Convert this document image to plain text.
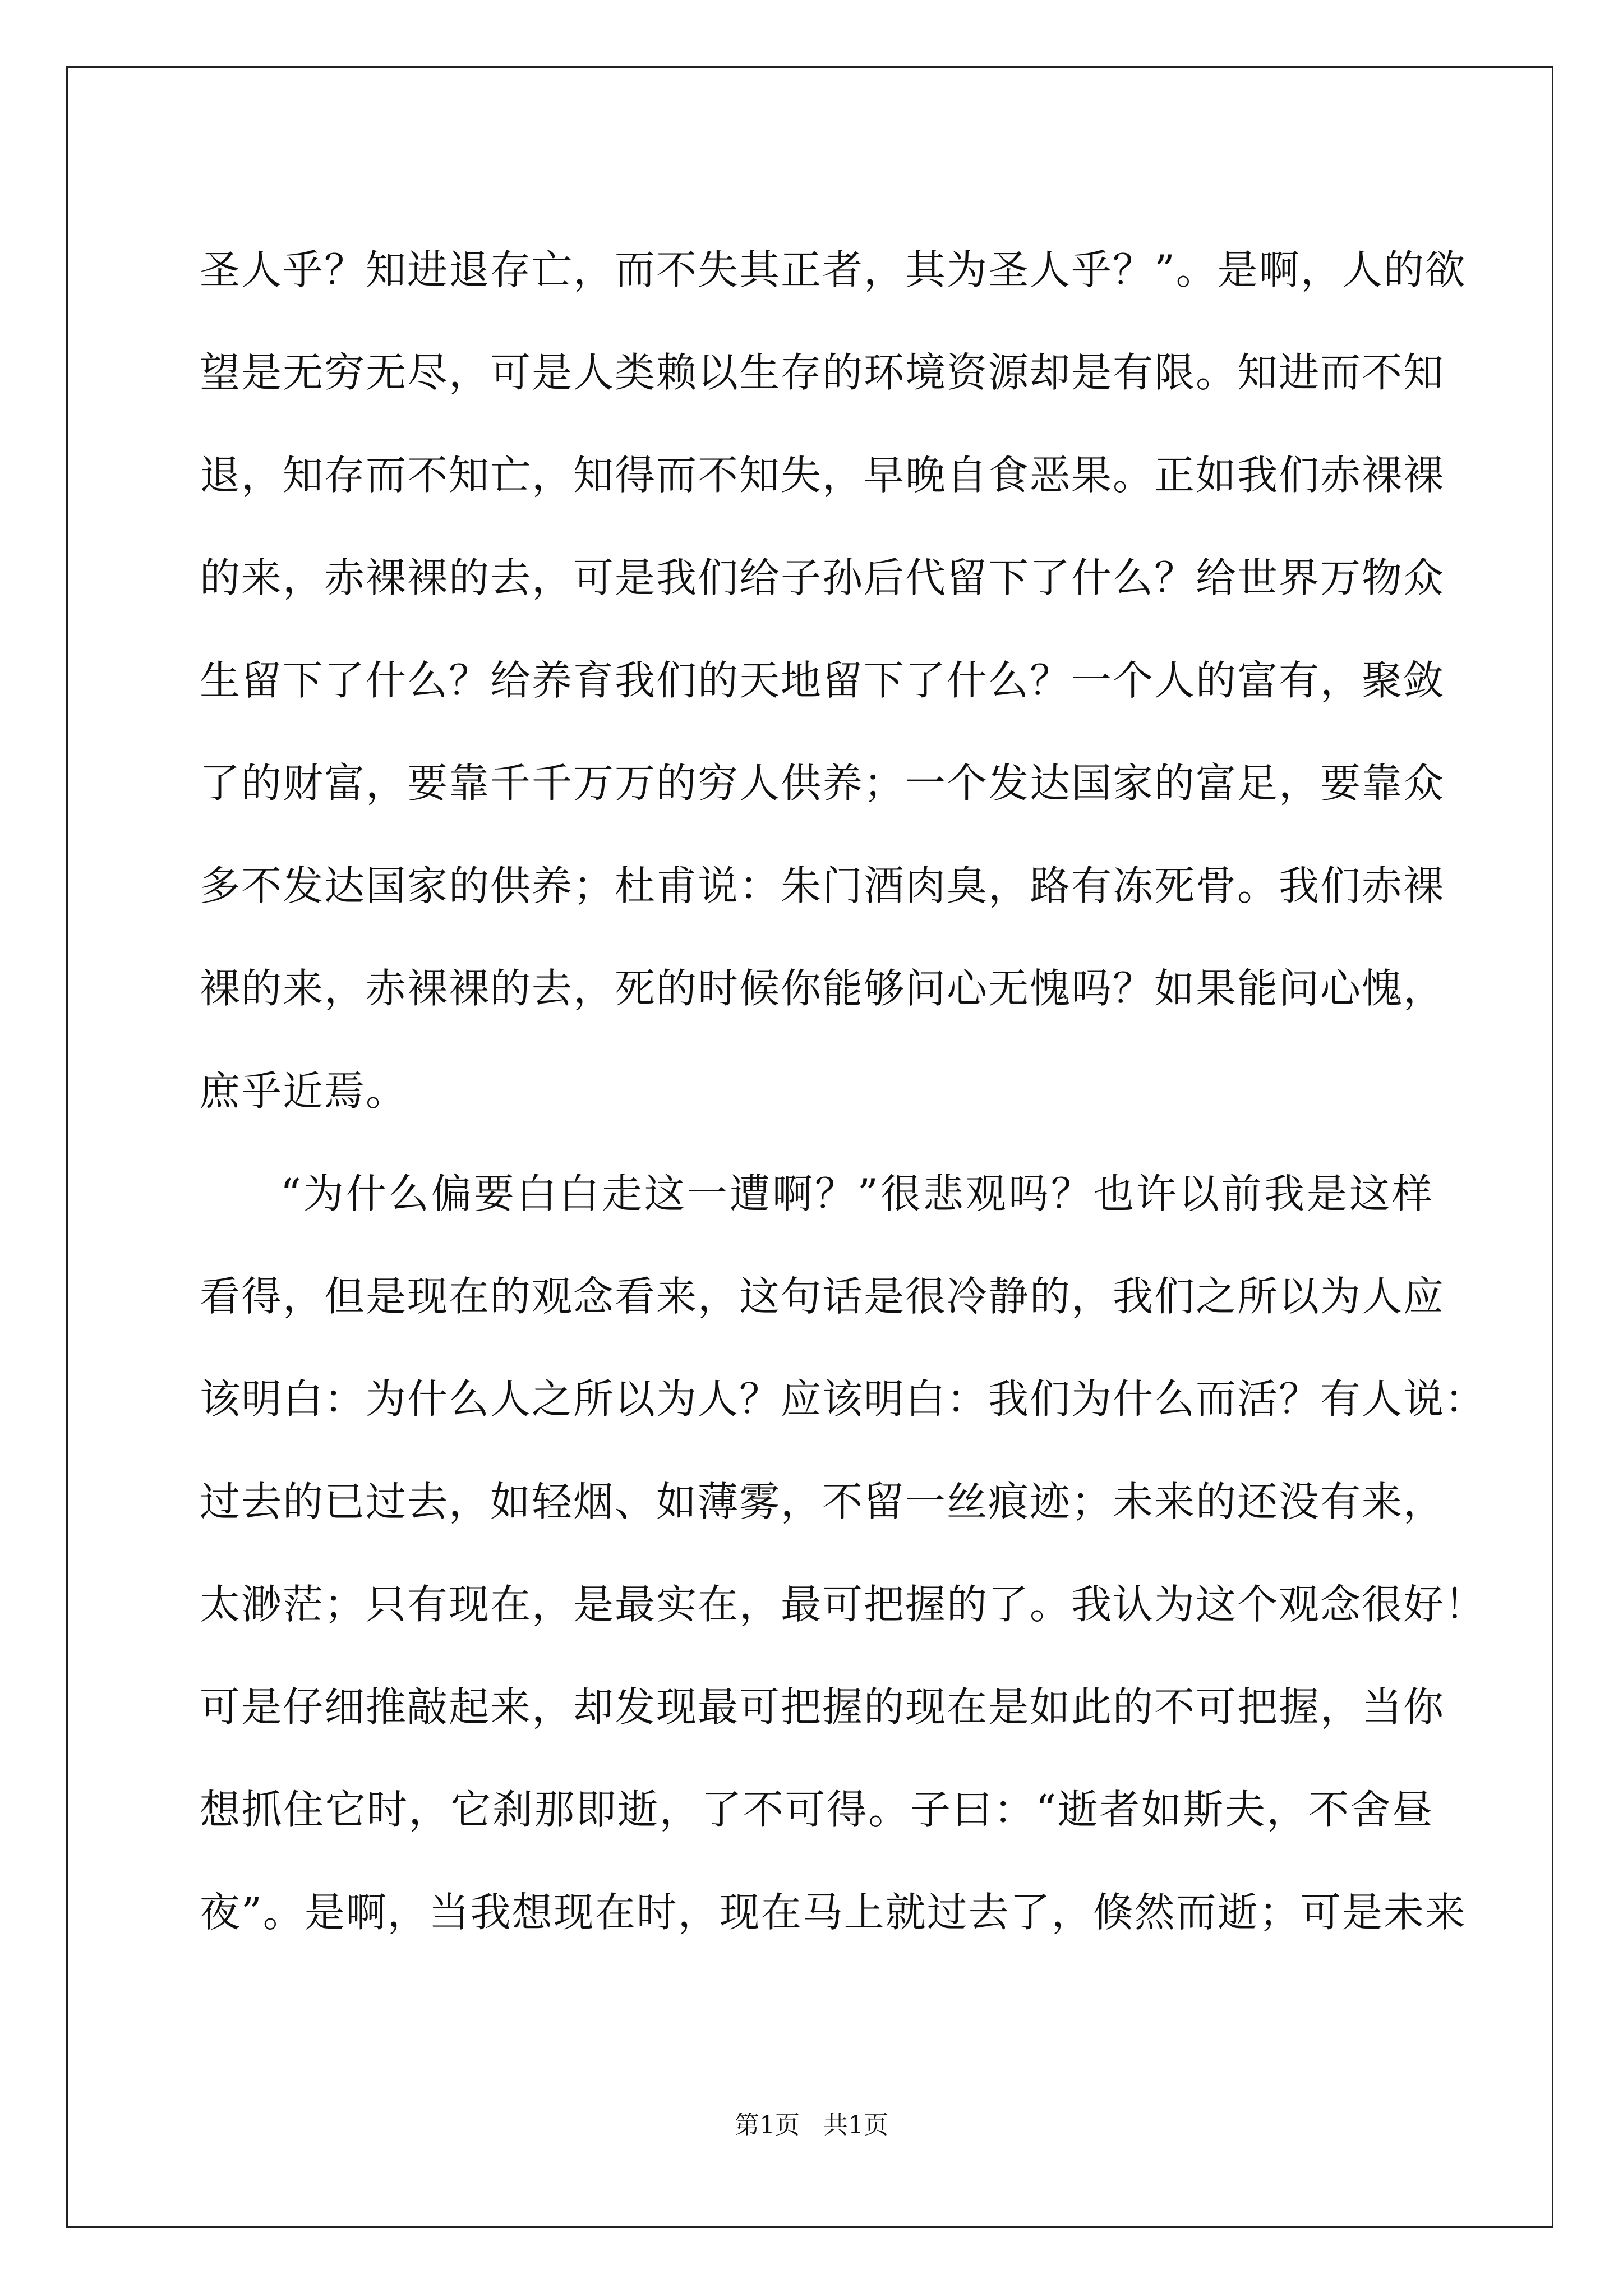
圣人乎？知进退存亡，而不失其正者，其为圣人乎？”。是啊，人的欲
望是无穷无尽，可是人类赖以生存的环境资源却是有限。知进而不知
退，知存而不知亡，知得而不知失，早晚自食恶果。正如我们赤裸裸
的来，赤裸裸的去，可是我们给子孙后代留下了什么？给世界万物众
生留下了什么？给养育我们的天地留下了什么？一个人的富有，聚敛
了的财富，要靠千千万万的穷人供养；一个发达国家的富足，要靠众
多不发达国家的供养；杜甫说：朱门酒肉臭，路有冻死骨。我们赤裸
裸的来，赤裸裸的去，死的时候你能够问心无愧吗？如果能问心愧，
庶乎近焉。
“为什么偏要白白走这一遭啊？”很悲观吗？也许以前我是这样
看得，但是现在的观念看来，这句话是很冷静的，我们之所以为人应
该明白：为什么人之所以为人？应该明白：我们为什么而活？有人说：
过去的已过去，如轻烟、如薄雾，不留一丝痕迹；未来的还没有来，
太渺茫；只有现在，是最实在，最可把握的了。我认为这个观念很好！
可是仔细推敲起来，却发现最可把握的现在是如此的不可把握，当你
想抓住它时，它刹那即逝，了不可得。子曰：“逝者如斯夫，不舍昼
夜”。是啊，当我想现在时，现在马上就过去了，倏然而逝；可是未来
第1页 共1页
